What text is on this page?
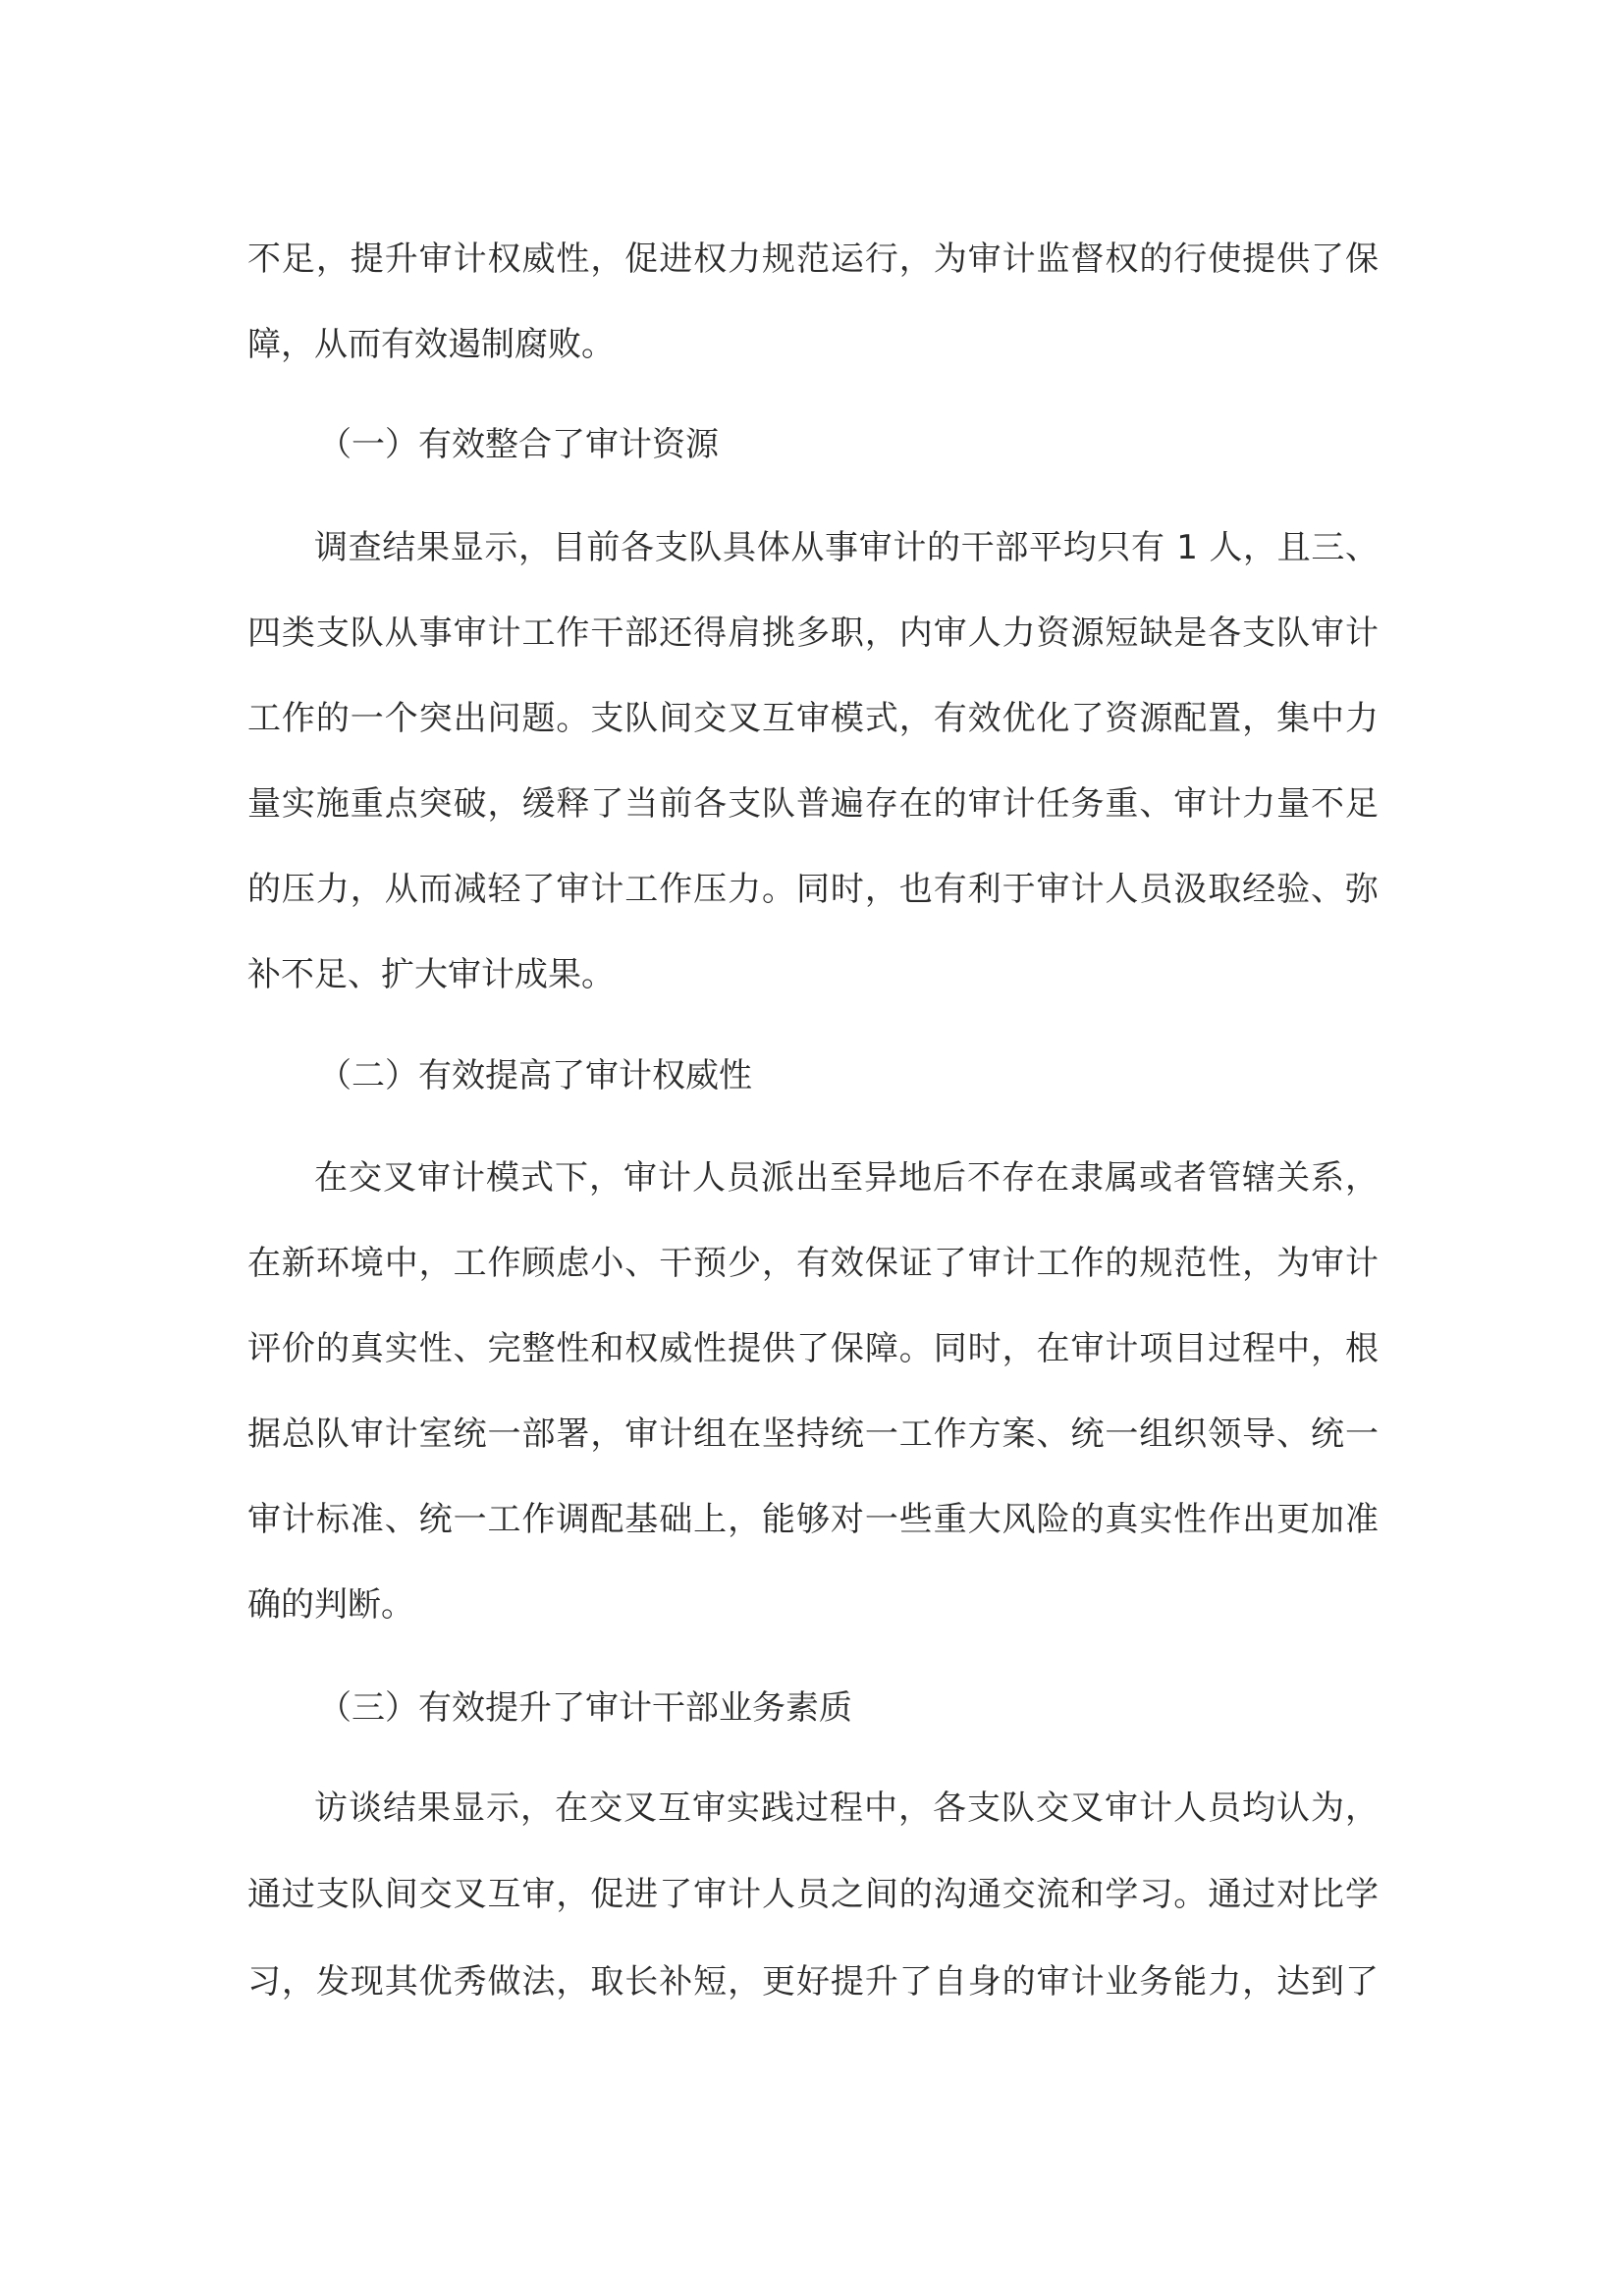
不足，提升审计权威性，促进权力规范运行，为审计监督权的行使提供了保
障，从而有效遏制腐败。
（一）有效整合了审计资源
调查结果显示，目前各支队具体从事审计的干部平均只有 1 人，且三、
四类支队从事审计工作干部还得肩挑多职，内审人力资源短缺是各支队审计
工作的一个突出问题。支队间交叉互审模式，有效优化了资源配置，集中力
量实施重点突破，缓释了当前各支队普遍存在的审计任务重、审计力量不足
的压力，从而减轻了审计工作压力。同时，也有利于审计人员汲取经验、弥
补不足、扩大审计成果。
（二）有效提高了审计权威性
在交叉审计模式下，审计人员派出至异地后不存在隶属或者管辖关系，
在新环境中，工作顾虑小、干预少，有效保证了审计工作的规范性，为审计
评价的真实性、完整性和权威性提供了保障。同时，在审计项目过程中，根
据总队审计室统一部署，审计组在坚持统一工作方案、统一组织领导、统一
审计标准、统一工作调配基础上，能够对一些重大风险的真实性作出更加准
确的判断。
（三）有效提升了审计干部业务素质
访谈结果显示，在交叉互审实践过程中，各支队交叉审计人员均认为，
通过支队间交叉互审，促进了审计人员之间的沟通交流和学习。通过对比学
习，发现其优秀做法，取长补短，更好提升了自身的审计业务能力，达到了
